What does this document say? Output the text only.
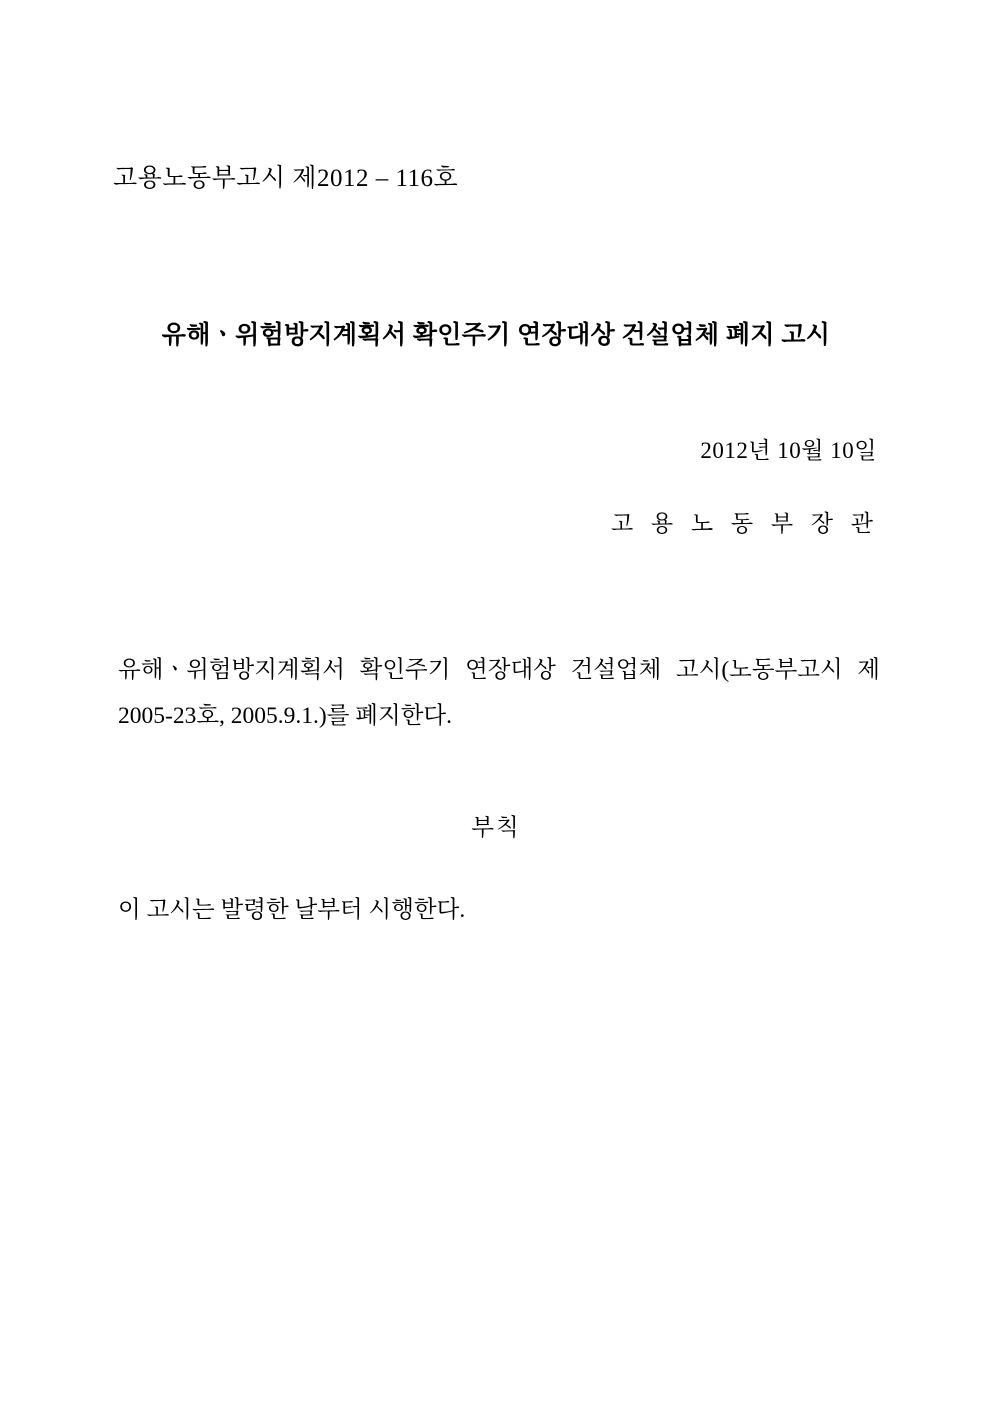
고용노동부고시 제2012 – 116호
유해ㆍ위험방지계획서 확인주기 연장대상 건설업체 폐지 고시
2012년 10월 10일
고 용 노 동 부 장 관
유해ㆍ위험방지계획서 확인주기 연장대상 건설업체 고시(노동부고시 제2005-23호, 2005.9.1.)를 폐지한다.
부칙
이 고시는 발령한 날부터 시행한다.
